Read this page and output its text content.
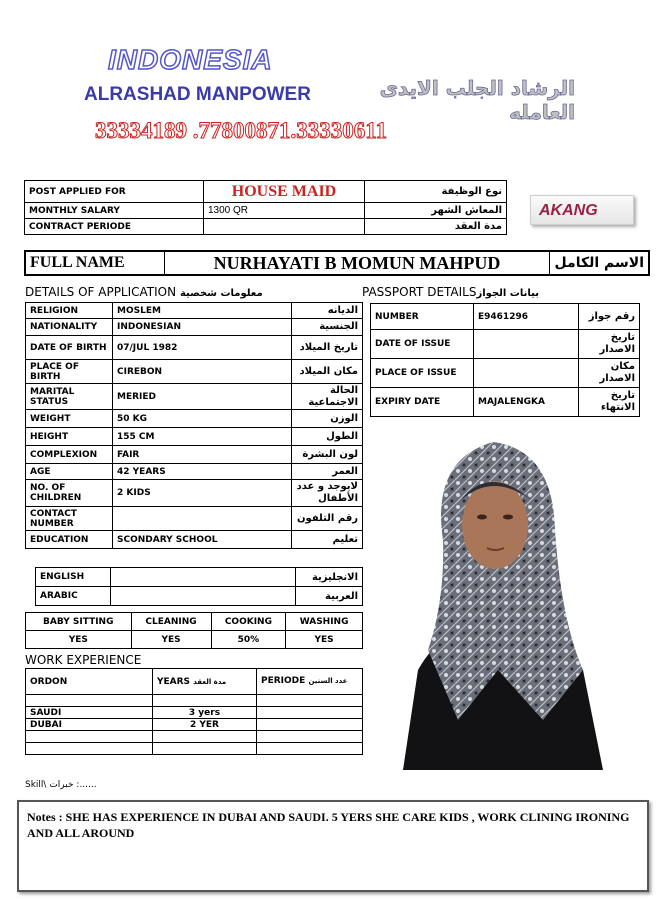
INDONESIA
ALRASHAD MANPOWER	الرشاد الجلب الايدى العامله
33334189 .77800871.33330611
POST APPLIED FOR	HOUSE MAID	نوع الوظيفة
MONTHLY SALARY	1300 QR	المعاش الشهر
CONTRACT PERIODE		مدة العقد
AKANG
FULL NAME	NURHAYATI B MOMUN MAHPUD	الاسم الكامل
DETAILS OF APPLICATION معلومات شخصية
RELIGION	MOSLEM	الديانه
NATIONALITY	INDONESIAN	الجنسية
DATE OF BIRTH	07/JUL 1982	تاريخ الميلاد
PLACE OF BIRTH	CIREBON	مكان الميلاد
MARITAL STATUS	MERIED	الحالة الاجتماعية
WEIGHT	50 KG	الوزن
HEIGHT	155 CM	الطول
COMPLEXION	FAIR	لون البشرة
AGE	42 YEARS	العمر
NO. OF CHILDREN	2 KIDS	لايوجد و عدد الأطفال
CONTACT NUMBER		رقم التلفون
EDUCATION	SCONDARY SCHOOL	تعليم
ENGLISH		الانجليزية
ARABIC		العربية
PASSPORT DETAILSبيانات الجواز
NUMBER	E9461296	رقم جواز
DATE OF ISSUE		تاريخ الاصدار
PLACE OF ISSUE		مكان الاصدار
EXPIRY DATE	MAJALENGKA	تاريخ الانتهاء
BABY SITTING	CLEANING	COOKING	WASHING
YES	YES	50%	YES
WORK EXPERIENCE
ORDON	YEARS مدة العقد	PERIODE عدد السنين

SAUDI	3 yers	
DUBAI	2 YER	

Skill\ خبرات :......
Notes : SHE HAS EXPERIENCE IN DUBAI AND SAUDI. 5 YERS SHE CARE KIDS , WORK CLINING IRONING AND ALL AROUND
